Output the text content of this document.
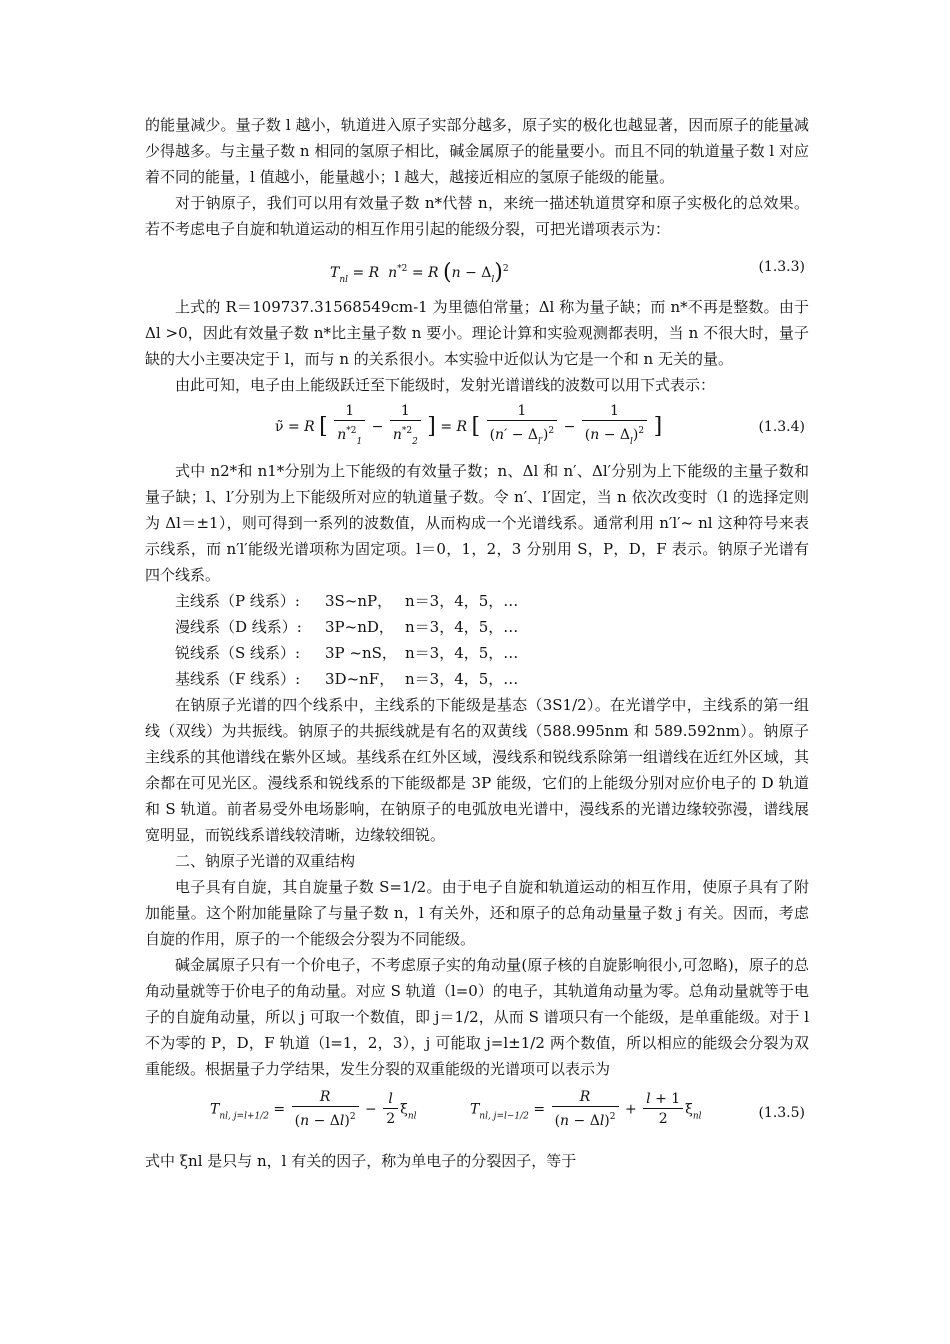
的能量减少。量子数 l 越小，轨道进入原子实部分越多，原子实的极化也越显著，因而原子的能量减少得越多。与主量子数 n 相同的氢原子相比，碱金属原子的能量要小。而且不同的轨道量子数 l 对应着不同的能量，l 值越小，能量越小；l 越大，越接近相应的氢原子能级的能量。

对于钠原子，我们可以用有效量子数 n*代替 n，来统一描述轨道贯穿和原子实极化的总效果。若不考虑电子自旋和轨道运动的相互作用引起的能级分裂，可把光谱项表示为：

$T_{nl} = R$ $n^{*2} = R$ $(n - \Delta_l)^2$	(1.3.3)

上式的 R＝109737.31568549cm-1 为里德伯常量；Δl 称为量子缺；而 n*不再是整数。由于 Δl >0，因此有效量子数 n*比主量子数 n 要小。理论计算和实验观测都表明，当 n 不很大时，量子缺的大小主要决定于 l，而与 n 的关系很小。本实验中近似认为它是一个和 n 无关的量。

由此可知，电子由上能级跃迁至下能级时，发射光谱谱线的波数可以用下式表示：

ν̃ = R [ $\frac{1}{n^{*2}_1} - \frac{1}{n^{*2}_2}$ ] = R [ $\frac{1}{(n' - \Delta_{l'})^2} - \frac{1}{(n - \Delta_l)^2}$ ]	(1.3.4)

式中 n2*和 n1*分别为上下能级的有效量子数；n、Δl 和 n′、Δl′分别为上下能级的主量子数和量子缺；l、l′分别为上下能级所对应的轨道量子数。令 n′、l′固定，当 n 依次改变时（l 的选择定则为 Δl＝±1），则可得到一系列的波数值，从而构成一个光谱线系。通常利用 n′l′~ nl 这种符号来表示线系，而 n′l′能级光谱项称为固定项。l＝0，1，2，3 分别用 S，P，D，F 表示。钠原子光谱有四个线系。

主线系（P 线系）: 3S~nP， n＝3，4，5，…
漫线系（D 线系）: 3P~nD， n＝3，4，5，…
锐线系（S 线系）: 3P ~nS， n＝3，4，5，…
基线系（F 线系）: 3D~nF， n＝3，4，5，…

在钠原子光谱的四个线系中，主线系的下能级是基态（3S1/2）。在光谱学中，主线系的第一组线（双线）为共振线。钠原子的共振线就是有名的双黄线（588.995nm 和 589.592nm）。钠原子主线系的其他谱线在紫外区域。基线系在红外区域，漫线系和锐线系除第一组谱线在近红外区域，其余都在可见光区。漫线系和锐线系的下能级都是 3P 能级，它们的上能级分别对应价电子的 D 轨道和 S 轨道。前者易受外电场影响，在钠原子的电弧放电光谱中，漫线系的光谱边缘较弥漫，谱线展宽明显，而锐线系谱线较清晰，边缘较细锐。

二、钠原子光谱的双重结构

电子具有自旋，其自旋量子数 S=1/2。由于电子自旋和轨道运动的相互作用，使原子具有了附加能量。这个附加能量除了与量子数 n，l 有关外，还和原子的总角动量量子数 j 有关。因而，考虑自旋的作用，原子的一个能级会分裂为不同能级。

碱金属原子只有一个价电子，不考虑原子实的角动量(原子核的自旋影响很小,可忽略)，原子的总角动量就等于价电子的角动量。对应 S 轨道（l=0）的电子，其轨道角动量为零。总角动量就等于电子的自旋角动量，所以 j 可取一个数值，即 j＝1/2，从而 S 谱项只有一个能级，是单重能级。对于 l 不为零的 P，D，F 轨道（l=1，2，3），j 可能取 j=l±1/2 两个数值，所以相应的能级会分裂为双重能级。根据量子力学结果，发生分裂的双重能级的光谱项可以表示为

$T_{nl, j=l+1/2} = \frac{R}{(n - \Delta l)^2} - \frac{l}{2} \xi_{nl}$	$T_{nl, j=l-1/2} = \frac{R}{(n - \Delta l)^2} + \frac{l + 1}{2} \xi_{nl}$	(1.3.5)

式中 ξnl 是只与 n，l 有关的因子，称为单电子的分裂因子，等于
